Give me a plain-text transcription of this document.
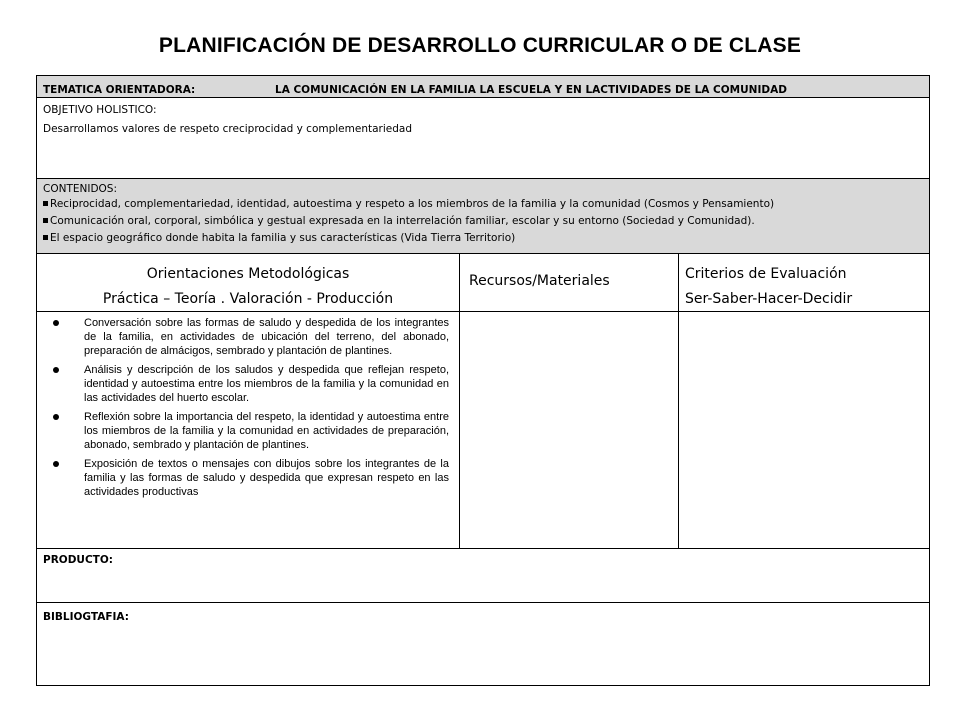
PLANIFICACIÓN DE DESARROLLO CURRICULAR O DE CLASE
TEMATICA ORIENTADORA:	LA COMUNICACIÓN EN LA FAMILIA LA ESCUELA Y EN LACTIVIDADES DE LA COMUNIDAD
OBJETIVO HOLISTICO:
Desarrollamos valores de respeto creciprocidad y complementariedad
CONTENIDOS:
Reciprocidad, complementariedad, identidad, autoestima y respeto a los miembros de la familia y la comunidad (Cosmos y Pensamiento)
Comunicación oral, corporal, simbólica y gestual expresada en la interrelación familiar, escolar y su entorno (Sociedad y Comunidad).
El espacio geográfico donde habita la familia y sus características (Vida Tierra Territorio)
Orientaciones Metodológicas
Práctica – Teoría . Valoración - Producción
Recursos/Materiales	Criterios de Evaluación
Ser-Saber-Hacer-Decidir
Conversación sobre las formas de saludo y despedida de los integrantes de la familia, en actividades de ubicación del terreno, del abonado, preparación de almácigos, sembrado y plantación de plantines.
Análisis y descripción de los saludos y despedida que reflejan respeto, identidad y autoestima entre los miembros de la familia y la comunidad en las actividades del huerto escolar.
Reflexión sobre la importancia del respeto, la identidad y autoestima entre los miembros de la familia y la comunidad en actividades de preparación, abonado, sembrado y plantación de plantines.
Exposición de textos o mensajes con dibujos sobre los integrantes de la familia y las formas de saludo y despedida que expresan respeto en las actividades productivas
PRODUCTO:
BIBLIOGTAFIA:
